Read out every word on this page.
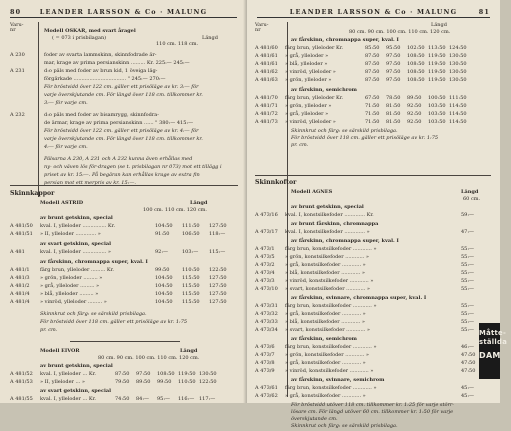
80	LEANDER LARSSON & Co · MALUNG
Varu-
nr	Modell OSKAR, med svart åragel
( = 073 i prisbilagan)	Längd
110 cm. 118 cm.
A 230	foder av svarta lammskinn, skinnfodrade är-
mar, krage av prima persianskinn ......... Kr. 225:— 245:—
A 231	d:o päls med foder av brun kid, 1 öveiga läg-
förgärkade ................................. " 245:— 270:—
För bröstvidd över 122 cm. gäller ett prisöläge av kr. 3:— för
varje överskjutande cm. För längd över 118 cm. tillkommer kr.
3:— för varje cm.
A 232	d:o päls med foder av bisamrygg, skinnfodra-
de ärmar, krage av prima persianskinn ...... " 380:— 415:—
För bröstvidd över 122 cm. gäller ett prisöläge av kr. 4:— för
varje överskjutande cm. För längd över 118 cm. tillkommer kr.
4:— för varje cm.
Pälsarna A 230, A 231 och A 232 kunna även erhållas med
ny- och väven lös för-dragen (se t. prisbilagan nr 073) mot ett tillägg i
priset av kr. 15:—. På begäran kan erhållas krage av extra fin
persian mot ett merpris av kr. 15:—.
Skinnkappor
Modell ASTRID	Längd
100 cm. 110 cm. 120 cm.
av brunt getskinn, special
A 481/50 kval. I, ylleloder ............... Kr.	104:50 111:50 127:50
A 481/51 » II, ylleloder ............. »	91:50	106:50 118:—
av svart getskinn, special
A 481	kval. I, ylleloder ............... »	92:—	103:— 115:—
av fårskinn, chromnappa super, kval. I
A 481/1 färg brun, ylleloder ......... Kr.	99:50	110:50 122:50
A 481/3 » grön, ylleloder ......... »	104:50 115:50 127:50
A 481/2 » grå, ylleloder ......... »	104:50 115:50 127:50
A 481/4 » blå, ylleloder ......... »	104:50 115:50 127:50
A 481/4 » vinröd, ylleloder ......... »	104:50 115:50 127:50
Skinnkrut och färg: se särskild prisbilaga.
För bröstvidd över 118 cm. gäller ett prisöläge av kr. 1:75
pr. cm.
Modell EIVOR	Längd
80 cm. 90 cm. 100 cm. 110 cm. 120 cm.
av brunt getskinn, special
A 481/52 kval. I, ylleloder ... Kr.	87:50 97:50 108:50 119:50 130:50
A 481/53 » II, ylleloder ... »	79:50 89:50 99:50 110:50 122:50
av svart getskinn, special
A 481/55 kval. I, ylleloder ... Kr.	74:50 84:— 95:— 116:— 117:—
LEANDER LARSSON & Co · MALUNG	81
Varu-
nr
Längd
80 cm. 90 cm. 100 cm. 110 cm. 120 cm.
av fårskinn, chromnappa super, kval. I
A 481/60 färg brun, ylleloder Kr.	85:50 95:50 102:50 113:50 124:50
A 481/61 » grå, ylleloder »	87:50 97:50 108:50 119:50 130:50
A 481/61 » blå, ylleloder »	87:50 97:50 108:50 119:50 130:50
A 481/62 » vinröd, ylleloder »	87:50 97:50 108:50 119:50 130:50
A 481/63 » grön, ylleloder »	87:50 97:50 108:50 119:50 130:50
av fårskinn, semichrom
A 481/70 färg brun, ylleloder Kr.	67:50 78:50 89:50 100:50 111:50
A 481/71 » grön, ylleloder »	71:50 81:50 92:50 103:50 114:50
A 481/72 » grå, ylleloder »	71:50 81:50 92:50 103:50 114:50
A 481/73 » vinröd, ylleloder »	71:50 81:50 92:50 103:50 114:50
Skinnkrut och färg: se särskild prisbilaga.
För bröstvidd över 118 cm. gäller ett prisöläge av kr. 1:75
pr. cm.
Skinnkoftor
Modell AGNES	Längd
60 cm.
av brunt getskinn, special
A 473/16 kval. I, konstsilkefoder ............. Kr.	59:—
av brunt fårskinn, chromnappa
A 473/17 kval. I, konstsilkefoder ............. »	47:—
av fårskinn, chromnappa super, kval. I
A 473/1 färg brun, konstsilkefoder ............ »	55:—
A 473/5 » grön, konstsilkefoder ............ »	55:—
A 473/2 » grå, konstsilkefoder ............ »	55:—
A 473/4 » blå, konstsilkefoder ............ »	55:—
A 473/3 » vinröd, konstsilkefoder ............ »	55:—
A 473/10 » svart, konstsilkefoder ............ »	55:—
av fårskinn, svinnare, chromnappa super, kval. I
A 473/31 färg brun, konstsilkefoder ............ »	55:—
A 473/32 » grå, konstsilkefoder ............ »	55:—
A 473/33 » blå, konstsilkefoder ............ »	55:—
A 473/34 » svart, konstsilkefoder ............ »	55:—
av fårskinn, semichrom
A 473/6 färg brun, konstsilkefoder ............ »	46:—
A 473/7 » grön, konstsilkefoder ............ »	47:50
A 473/8 » grå, konstsilkefoder ............ »	47:50
A 473/9 » vinröd, konstsilkefoder ............ »	47:50
av fårskinn, svinnare, semichrom
A 473/61 färg brun, konstsilkefoder ............ »	45:—
A 473/62 » grå, konstsilkefoder ............ »	45:—
För bröstvidd utöver 118 cm. tillkommer kr. 1:25 för varje störr-
lösare cm. För längd utöver 60 cm. tillkommer kr. 1:50 för varje
överskjutande cm.
Skinnkrut och färg: se särskild prisbilaga.
Måtte-
ställda
DAM
